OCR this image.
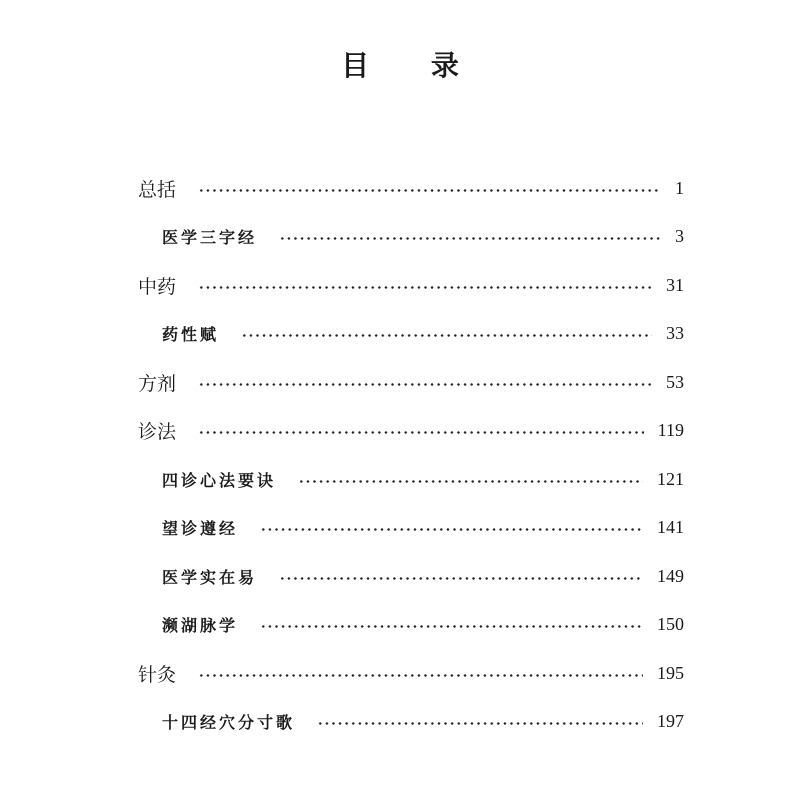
目 录
总括	1
医学三字经	3
中药	31
药性赋	33
方剂	53
诊法	119
四诊心法要诀	121
望诊遵经	141
医学实在易	149
濒湖脉学	150
针灸	195
十四经穴分寸歌	197
